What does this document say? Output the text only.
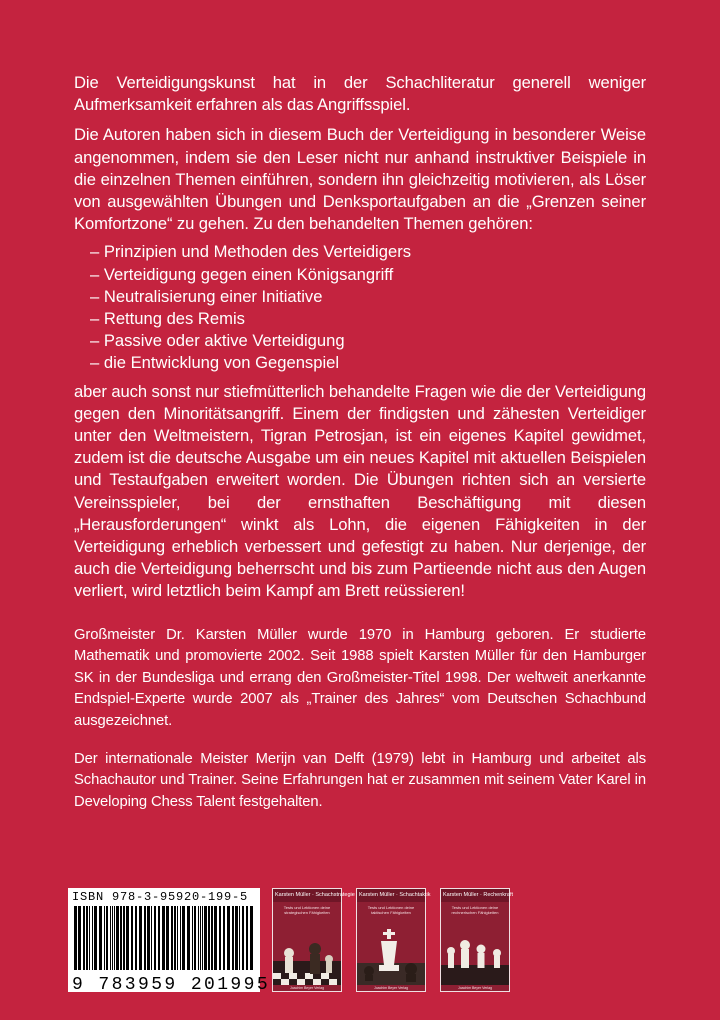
Die Verteidigungskunst hat in der Schachliteratur generell weniger Aufmerksamkeit erfahren als das Angriffsspiel.

Die Autoren haben sich in diesem Buch der Verteidigung in besonderer Weise angenommen, indem sie den Leser nicht nur anhand instruktiver Beispiele in die einzelnen Themen einführen, sondern ihn gleichzeitig motivieren, als Löser von ausgewählten Übungen und Denksportaufgaben an die „Grenzen seiner Komfortzone“ zu gehen. Zu den behandelten Themen gehören:

– Prinzipien und Methoden des Verteidigers
– Verteidigung gegen einen Königsangriff
– Neutralisierung einer Initiative
– Rettung des Remis
– Passive oder aktive Verteidigung
– die Entwicklung von Gegenspiel

aber auch sonst nur stiefmütterlich behandelte Fragen wie die der Verteidigung gegen den Minoritätsangriff. Einem der findigsten und zähesten Verteidiger unter den Weltmeistern, Tigran Petrosjan, ist ein eigenes Kapitel gewidmet, zudem ist die deutsche Ausgabe um ein neues Kapitel mit aktuellen Beispielen und Testaufgaben erweitert worden. Die Übungen richten sich an versierte Vereinsspieler, bei der ernsthaften Beschäftigung mit diesen „Herausforderungen“ winkt als Lohn, die eigenen Fähigkeiten in der Verteidigung erheblich verbessert und gefestigt zu haben. Nur derjenige, der auch die Verteidigung beherrscht und bis zum Partieende nicht aus den Augen verliert, wird letztlich beim Kampf am Brett reüssieren!

Großmeister Dr. Karsten Müller wurde 1970 in Hamburg geboren. Er studierte Mathematik und promovierte 2002. Seit 1988 spielt Karsten Müller für den Hamburger SK in der Bundesliga und errang den Großmeister-Titel 1998. Der weltweit anerkannte Endspiel-Experte wurde 2007 als „Trainer des Jahres“ vom Deutschen Schachbund ausgezeichnet.

Der internationale Meister Merijn van Delft (1979) lebt in Hamburg und arbeitet als Schachautor und Trainer. Seine Erfahrungen hat er zusammen mit seinem Vater Karel in Developing Chess Talent festgehalten.

ISBN 978-3-95920-199-5
9 783959 201995
Karsten Müller · Schachstrategie
Tests und Lektionen deine strategischen Fähigkeiten
Joachim Beyer Verlag
Karsten Müller · Schachtaktik
Tests und Lektionen deine taktischen Fähigkeiten
Joachim Beyer Verlag
Karsten Müller · Rechenkraft
Tests und Lektionen deine rechnerischen Fähigkeiten
Joachim Beyer Verlag
